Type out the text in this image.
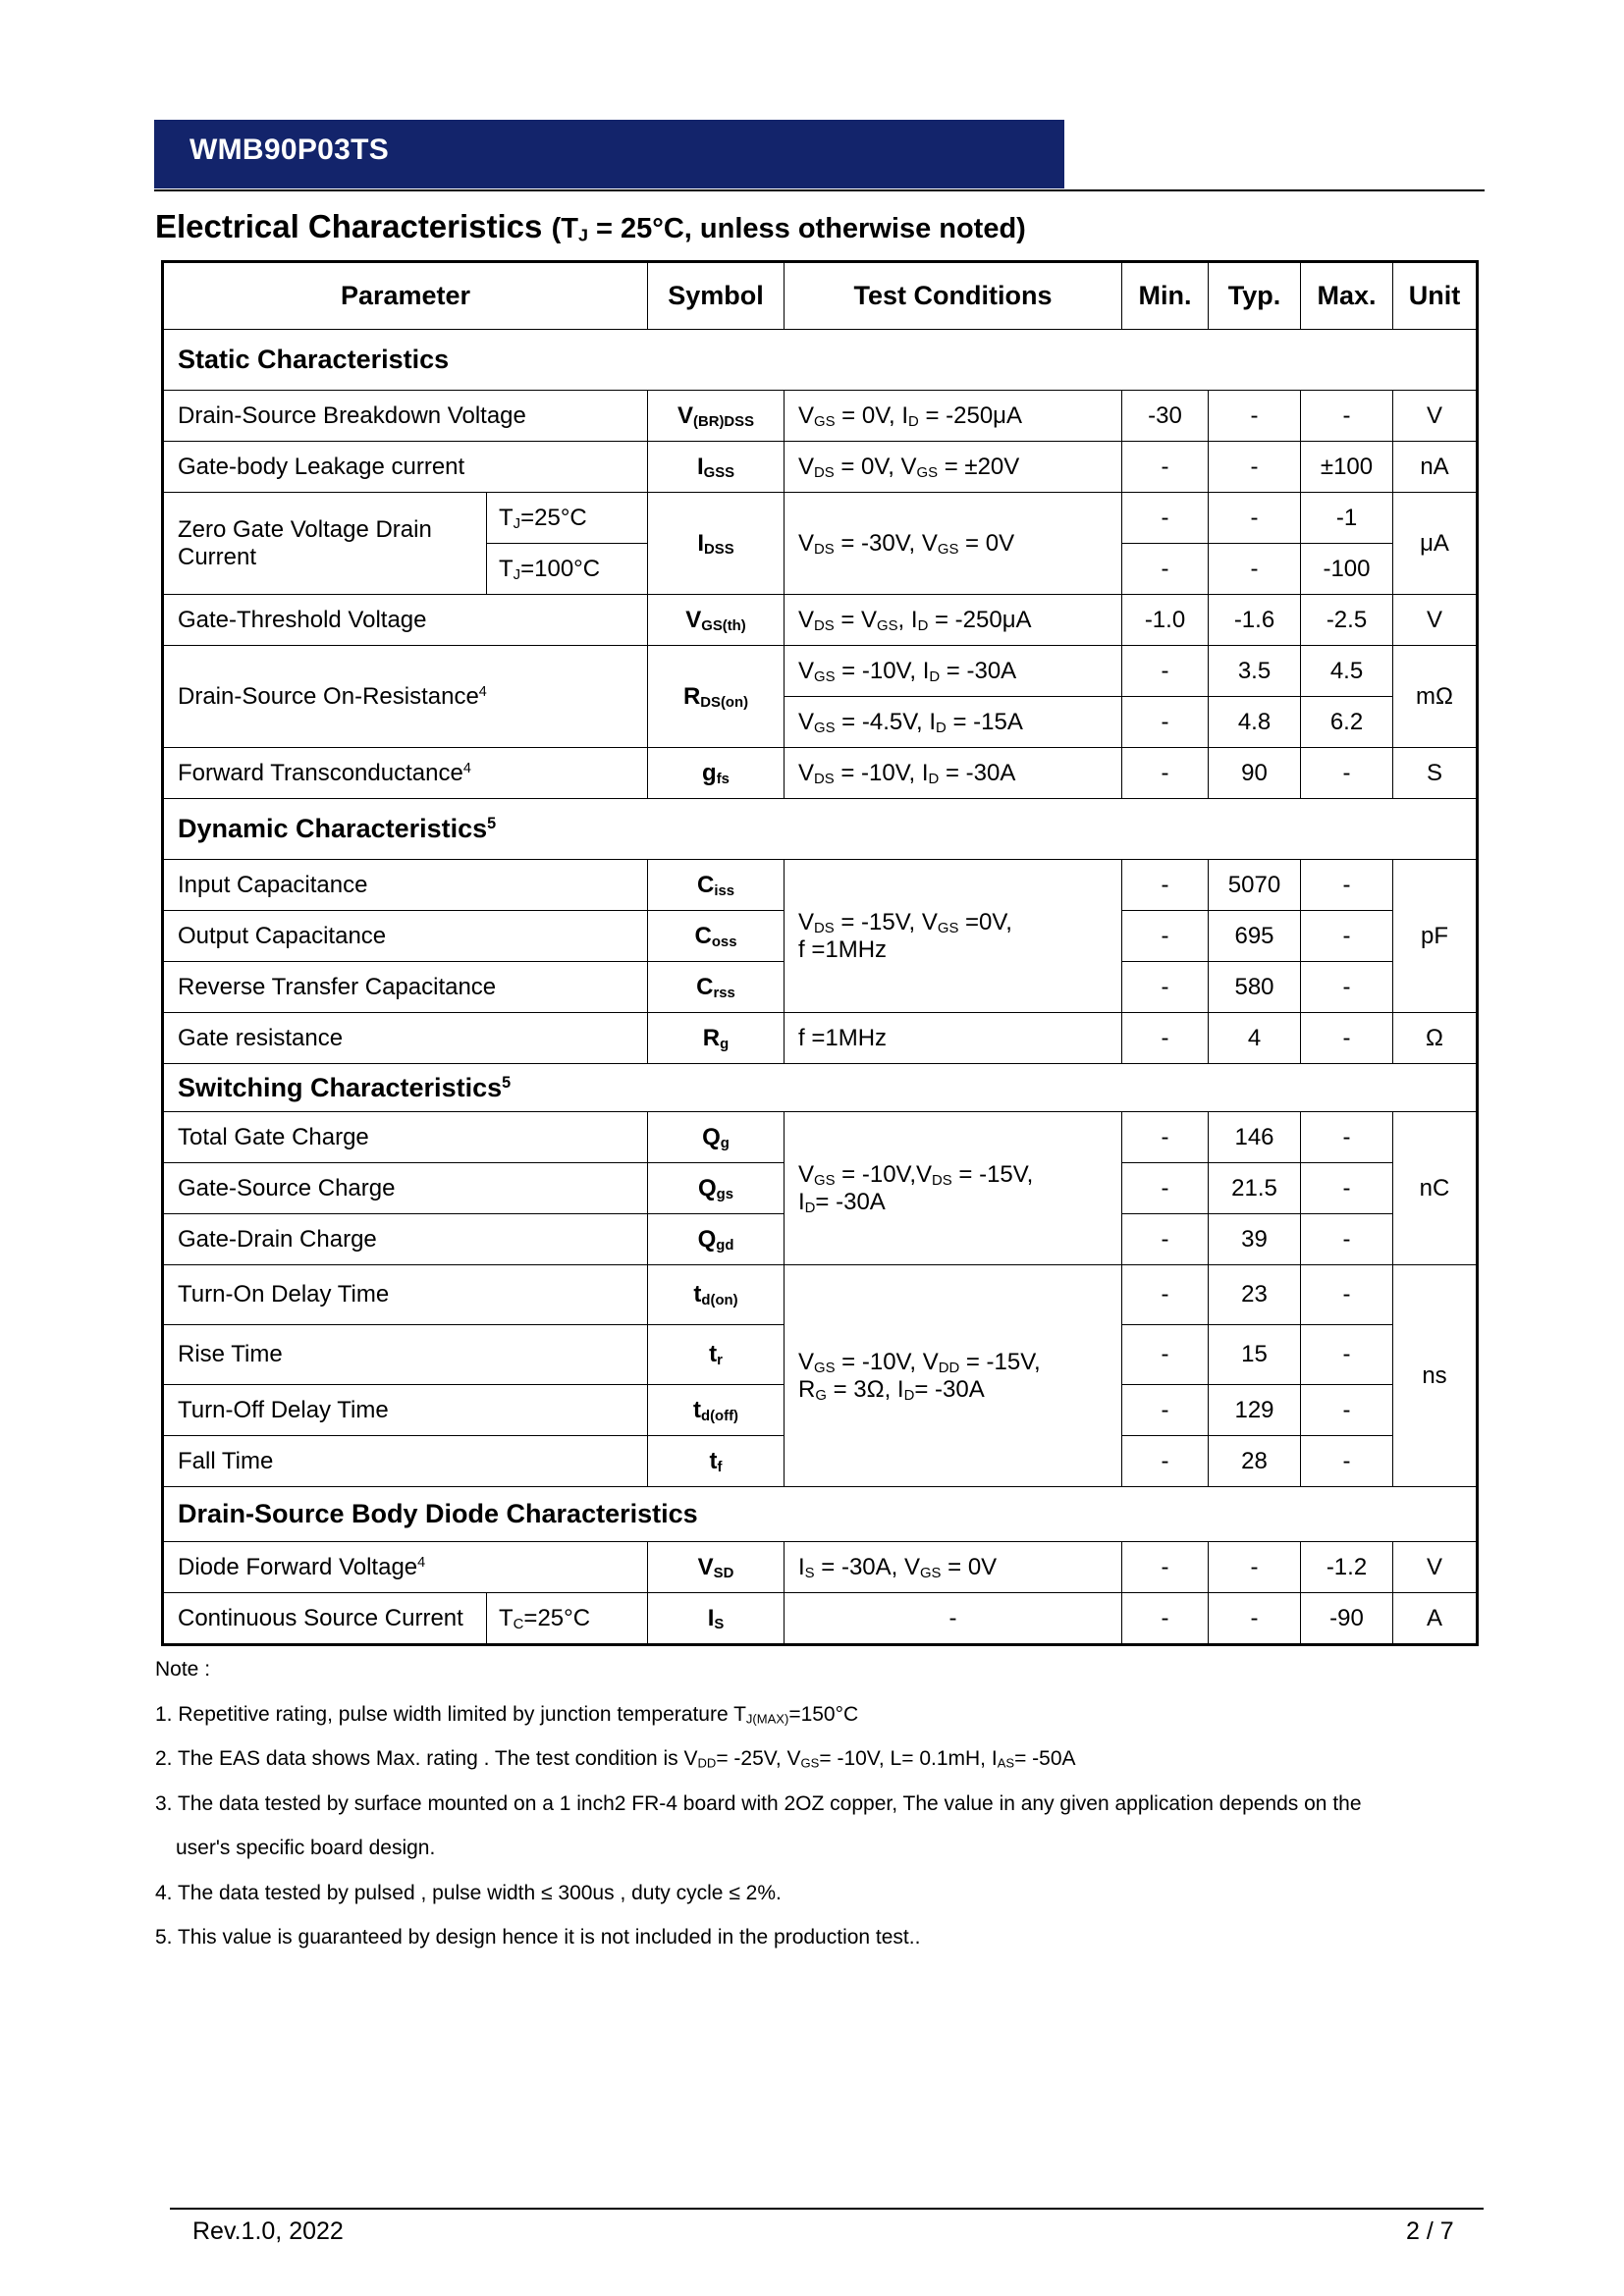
WMB90P03TS
Electrical Characteristics ($T_J = 25^\circ C$, unless otherwise noted)
Parameter		Symbol	Test Conditions	Min.	Typ.	Max.	Unit
Static Characteristics							
Drain-Source Breakdown Voltage		$V_{(BR)DSS}$	$V_{GS} = 0V$, $I_D = -250\mu A$	-30	-	-	V
Gate-body Leakage current		$I_{GSS}$	$V_{DS} = 0V$, $V_{GS} = \pm 20V$	-	-	±100	nA
Zero Gate Voltage Drain Current	$T_J=25^\circ C$	$I_{DSS}$	$V_{DS} = -30V$, $V_{GS} = 0V$	-	-	-1	μA
	$T_J=100^\circ C$			-	-	-100	
Gate-Threshold Voltage		$V_{GS(th)}$	$V_{DS} = V_{GS}$, $I_D = -250\mu A$	-1.0	-1.6	-2.5	V
Drain-Source On-Resistance$^4$		$R_{DS(on)}$	$V_{GS} = -10V$, $I_D = -30A$	-	3.5	4.5	mΩ
			$V_{GS} = -4.5V$, $I_D = -15A$	-	4.8	6.2	
Forward Transconductance$^4$		$g_{fs}$	$V_{DS} = -10V$, $I_D = -30A$	-	90	-	S
Dynamic Characteristics$^5$
Input Capacitance		$C_{iss}$	$V_{DS} = -15V$, $V_{GS} =0V$,
f =1MHz	-	5070	-	pF
Output Capacitance		$C_{oss}$		-	695	-	
Reverse Transfer Capacitance		$C_{rss}$		-	580	-	
Gate resistance		$R_g$	f =1MHz	-	4	-	Ω
Switching Characteristics$^5$
Total Gate Charge		$Q_g$	$V_{GS} = -10V,V_{DS} = -15V$,
$I_D= -30A$	-	146	-	nC
Gate-Source Charge		$Q_{gs}$		-	21.5	-	
Gate-Drain Charge		$Q_{gd}$		-	39	-	
Turn-On Delay Time		$t_{d(on)}$	$V_{GS} = -10V$, $V_{DD} = -15V$,
$R_G = 3\Omega$, $I_D= -30A$	-	23	-	ns
Rise Time		$t_r$		-	15	-	
Turn-Off Delay Time		$t_{d(off)}$		-	129	-	
Fall Time		$t_f$		-	28	-	
Drain-Source Body Diode Characteristics							
Diode Forward Voltage$^4$		$V_{SD}$	$I_S = -30A$, $V_{GS} = 0V$	-	-	-1.2	V
Continuous Source Current	$T_C=25^\circ C$	$I_S$	-	-	-	-90	A
Note :
1. Repetitive rating, pulse width limited by junction temperature $T_{J(MAX)}=150^\circ C$
2. The EAS data shows Max. rating . The test condition is $V_{DD}= -25V$, $V_{GS}= -10V$, L= 0.1mH, $I_{AS}= -50A$
3. The data tested by surface mounted on a 1 inch2 FR-4 board with 2OZ copper, The value in any given application depends on the
user's specific board design.
4. The data tested by pulsed , pulse width ≤ 300us , duty cycle ≤ 2%.
5. This value is guaranteed by design hence it is not included in the production test..
Rev.1.0, 2022	2 / 7
